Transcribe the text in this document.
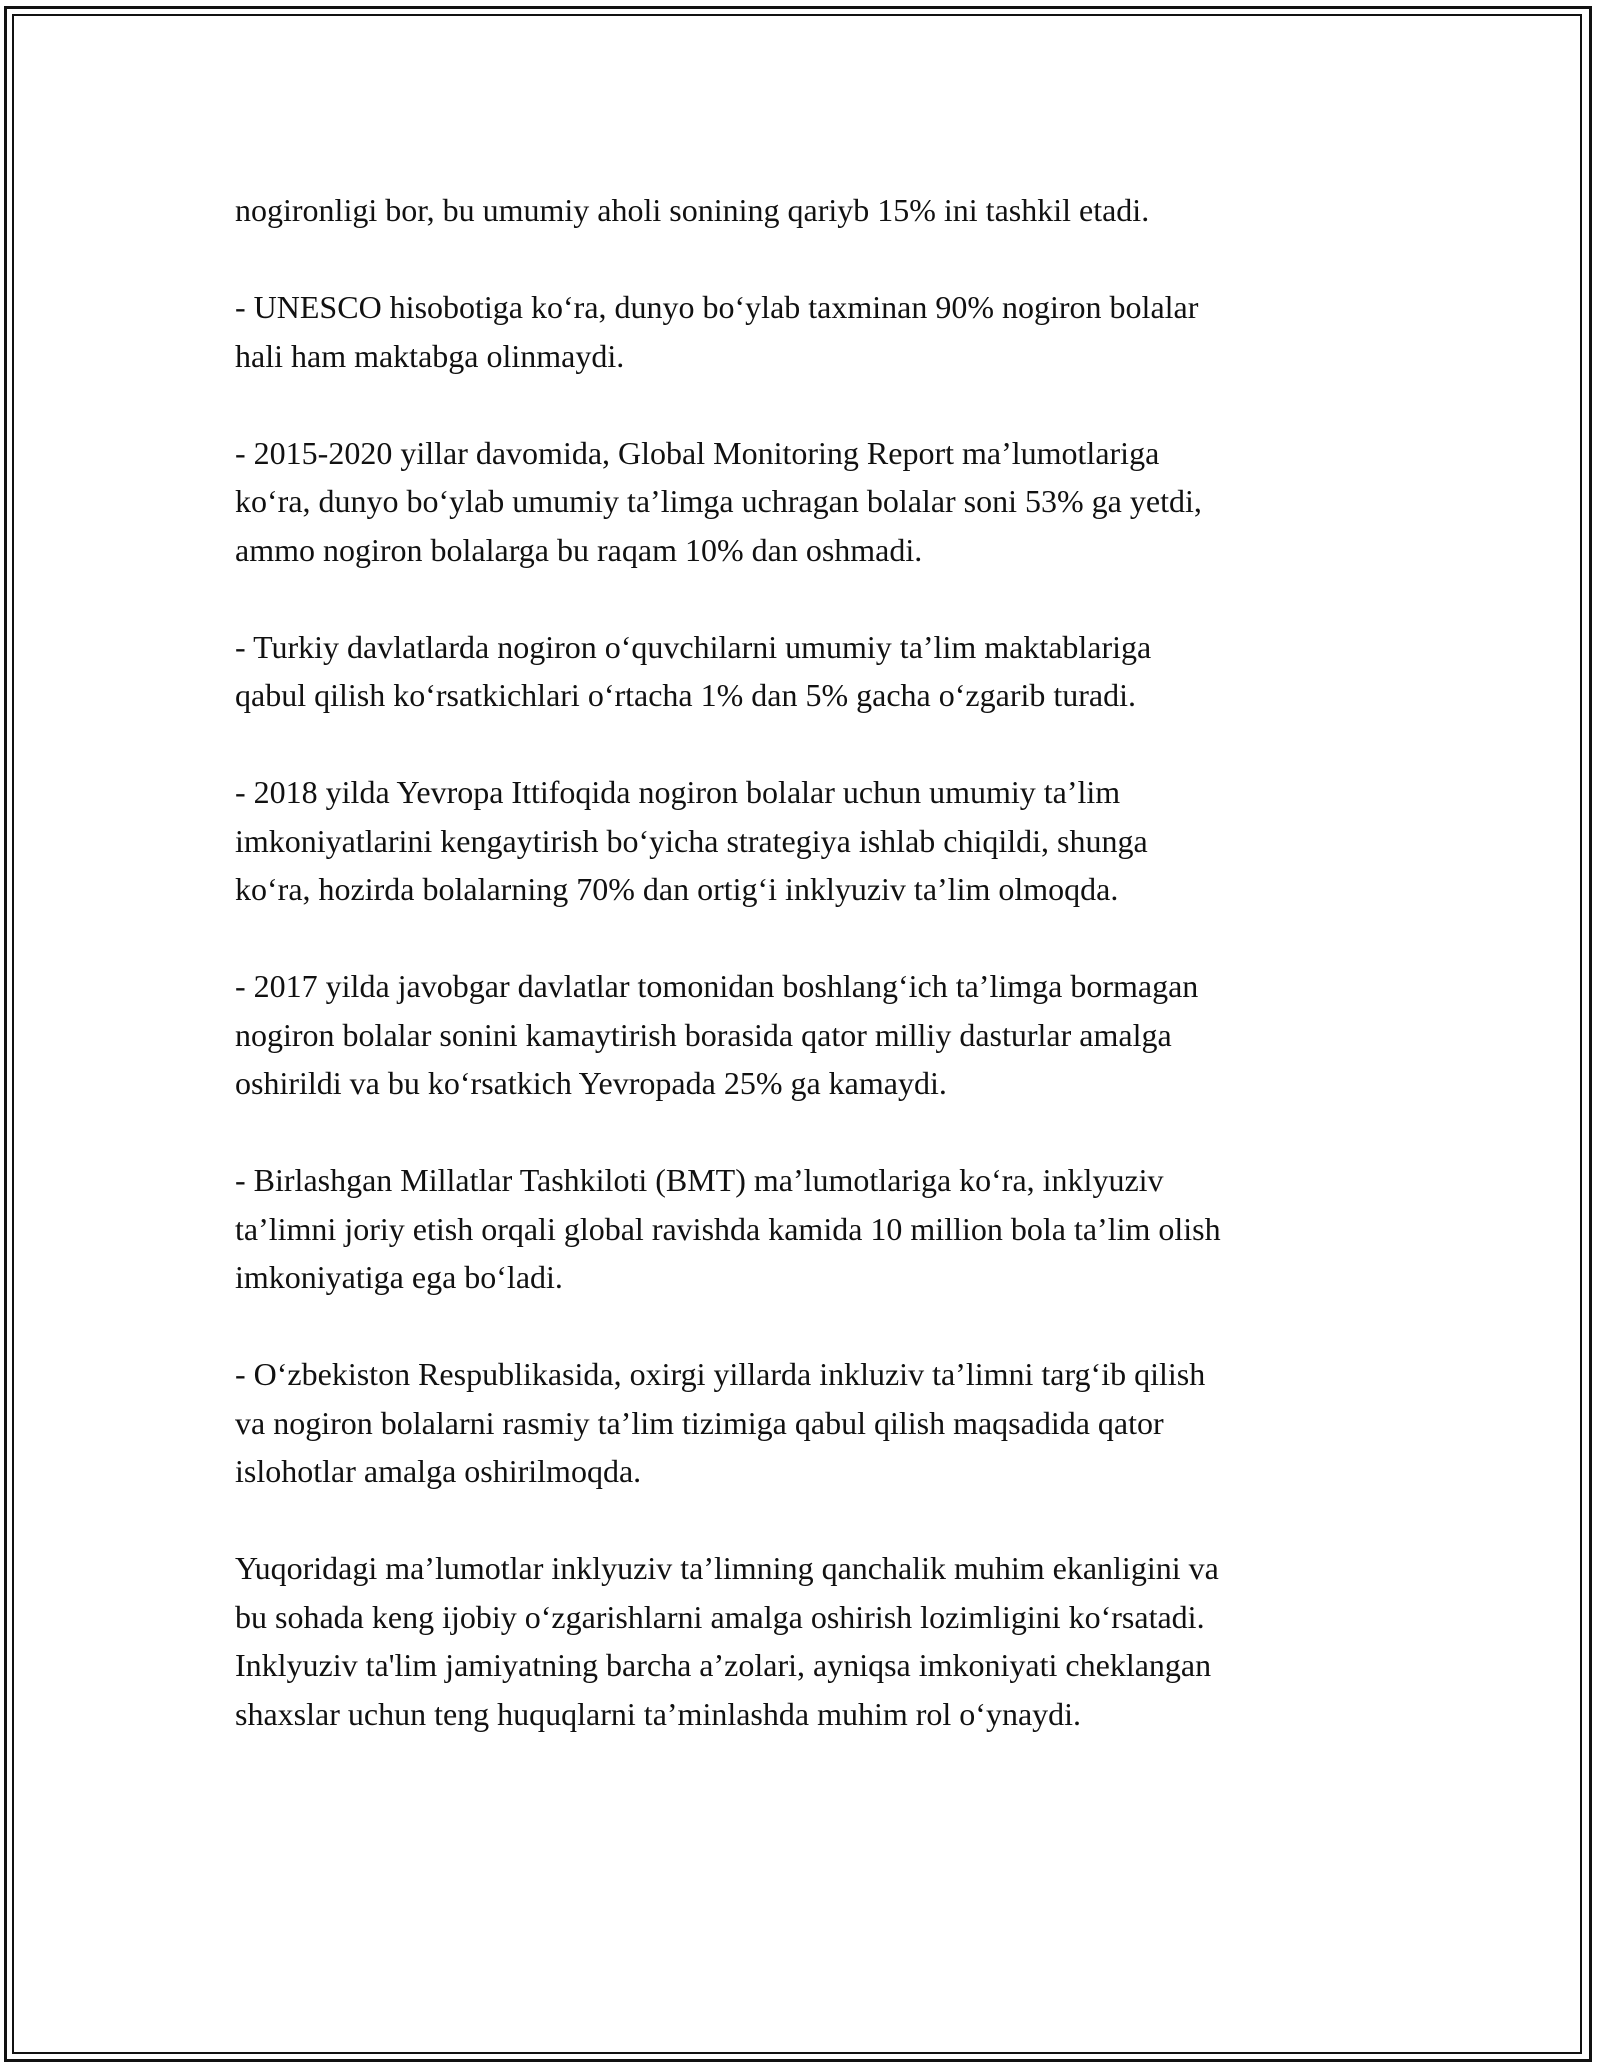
nogironligi bor, bu umumiy aholi sonining qariyb 15% ini tashkil etadi.

- UNESCO hisobotiga ko‘ra, dunyo bo‘ylab taxminan 90% nogiron bolalar
hali ham maktabga olinmaydi.

- 2015-2020 yillar davomida, Global Monitoring Report ma’lumotlariga
ko‘ra, dunyo bo‘ylab umumiy ta’limga uchragan bolalar soni 53% ga yetdi,
ammo nogiron bolalarga bu raqam 10% dan oshmadi.

- Turkiy davlatlarda nogiron o‘quvchilarni umumiy ta’lim maktablariga
qabul qilish ko‘rsatkichlari o‘rtacha 1% dan 5% gacha o‘zgarib turadi.

- 2018 yilda Yevropa Ittifoqida nogiron bolalar uchun umumiy ta’lim
imkoniyatlarini kengaytirish bo‘yicha strategiya ishlab chiqildi, shunga
ko‘ra, hozirda bolalarning 70% dan ortig‘i inklyuziv ta’lim olmoqda.

- 2017 yilda javobgar davlatlar tomonidan boshlang‘ich ta’limga bormagan
nogiron bolalar sonini kamaytirish borasida qator milliy dasturlar amalga
oshirildi va bu ko‘rsatkich Yevropada 25% ga kamaydi.

- Birlashgan Millatlar Tashkiloti (BMT) ma’lumotlariga ko‘ra, inklyuziv
ta’limni joriy etish orqali global ravishda kamida 10 million bola ta’lim olish
imkoniyatiga ega bo‘ladi.

- O‘zbekiston Respublikasida, oxirgi yillarda inkluziv ta’limni targ‘ib qilish
va nogiron bolalarni rasmiy ta’lim tizimiga qabul qilish maqsadida qator
islohotlar amalga oshirilmoqda.

Yuqoridagi ma’lumotlar inklyuziv ta’limning qanchalik muhim ekanligini va
bu sohada keng ijobiy o‘zgarishlarni amalga oshirish lozimligini ko‘rsatadi.
Inklyuziv ta'lim jamiyatning barcha a’zolari, ayniqsa imkoniyati cheklangan
shaxslar uchun teng huquqlarni ta’minlashda muhim rol o‘ynaydi.
